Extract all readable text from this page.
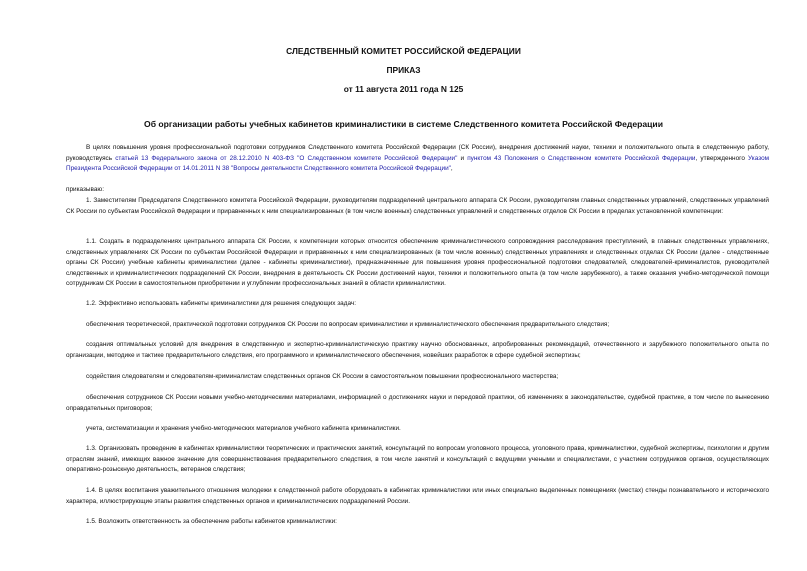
СЛЕДСТВЕННЫЙ КОМИТЕТ РОССИЙСКОЙ ФЕДЕРАЦИИ
ПРИКАЗ
от 11 августа 2011 года N 125
Об организации работы учебных кабинетов криминалистики в системе Следственного комитета Российской Федерации
В целях повышения уровня профессиональной подготовки сотрудников Следственного комитета Российской Федерации (СК России), внедрения достижений науки, техники и положительного опыта в следственную работу, руководствуясь статьей 13 Федерального закона от 28.12.2010 N 403-ФЗ "О Следственном комитете Российской Федерации" и пунктом 43 Положения о Следственном комитете Российской Федерации, утвержденного Указом Президента Российской Федерации от 14.01.2011 N 38 "Вопросы деятельности Следственного комитета Российской Федерации",
приказываю:
1. Заместителям Председателя Следственного комитета Российской Федерации, руководителям подразделений центрального аппарата СК России, руководителям главных следственных управлений, следственных управлений СК России по субъектам Российской Федерации и приравненных к ним специализированных (в том числе военных) следственных управлений и следственных отделов СК России в пределах установленной компетенции:
1.1. Создать в подразделениях центрального аппарата СК России, к компетенции которых относится обеспечение криминалистического сопровождения расследования преступлений, в главных следственных управлениях, следственных управлениях СК России по субъектам Российской Федерации и приравненных к ним специализированных (в том числе военных) следственных управлениях и следственных отделах СК России (далее - следственные органы СК России) учебные кабинеты криминалистики (далее - кабинеты криминалистики), предназначенные для повышения уровня профессиональной подготовки следователей, следователей-криминалистов, руководителей следственных и криминалистических подразделений СК России, внедрения в деятельность СК России достижений науки, техники и положительного опыта (в том числе зарубежного), а также оказания учебно-методической помощи сотрудникам СК России в самостоятельном приобретении и углублении профессиональных знаний в области криминалистики.
1.2. Эффективно использовать кабинеты криминалистики для решения следующих задач:
обеспечения теоретической, практической подготовки сотрудников СК России по вопросам криминалистики и криминалистического обеспечения предварительного следствия;
создания оптимальных условий для внедрения в следственную и экспертно-криминалистическую практику научно обоснованных, апробированных рекомендаций, отечественного и зарубежного положительного опыта по организации, методике и тактике предварительного следствия, его программного и криминалистического обеспечения, новейших разработок в сфере судебной экспертизы;
содействия следователям и следователям-криминалистам следственных органов СК России в самостоятельном повышении профессионального мастерства;
обеспечения сотрудников СК России новыми учебно-методическими материалами, информацией о достижениях науки и передовой практики, об изменениях в законодательстве, судебной практике, в том числе по вынесению оправдательных приговоров;
учета, систематизации и хранения учебно-методических материалов учебного кабинета криминалистики.
1.3. Организовать проведение в кабинетах криминалистики теоретических и практических занятий, консультаций по вопросам уголовного процесса, уголовного права, криминалистики, судебной экспертизы, психологии и другим отраслям знаний, имеющих важное значение для совершенствования предварительного следствия, в том числе занятий и консультаций с ведущими учеными и специалистами, с участием сотрудников органов, осуществляющих оперативно-розыскную деятельность, ветеранов следствия;
1.4. В целях воспитания уважительного отношения молодежи к следственной работе оборудовать в кабинетах криминалистики или иных специально выделенных помещениях (местах) стенды познавательного и исторического характера, иллюстрирующие этапы развития следственных органов и криминалистических подразделений России.
1.5. Возложить ответственность за обеспечение работы кабинетов криминалистики:
